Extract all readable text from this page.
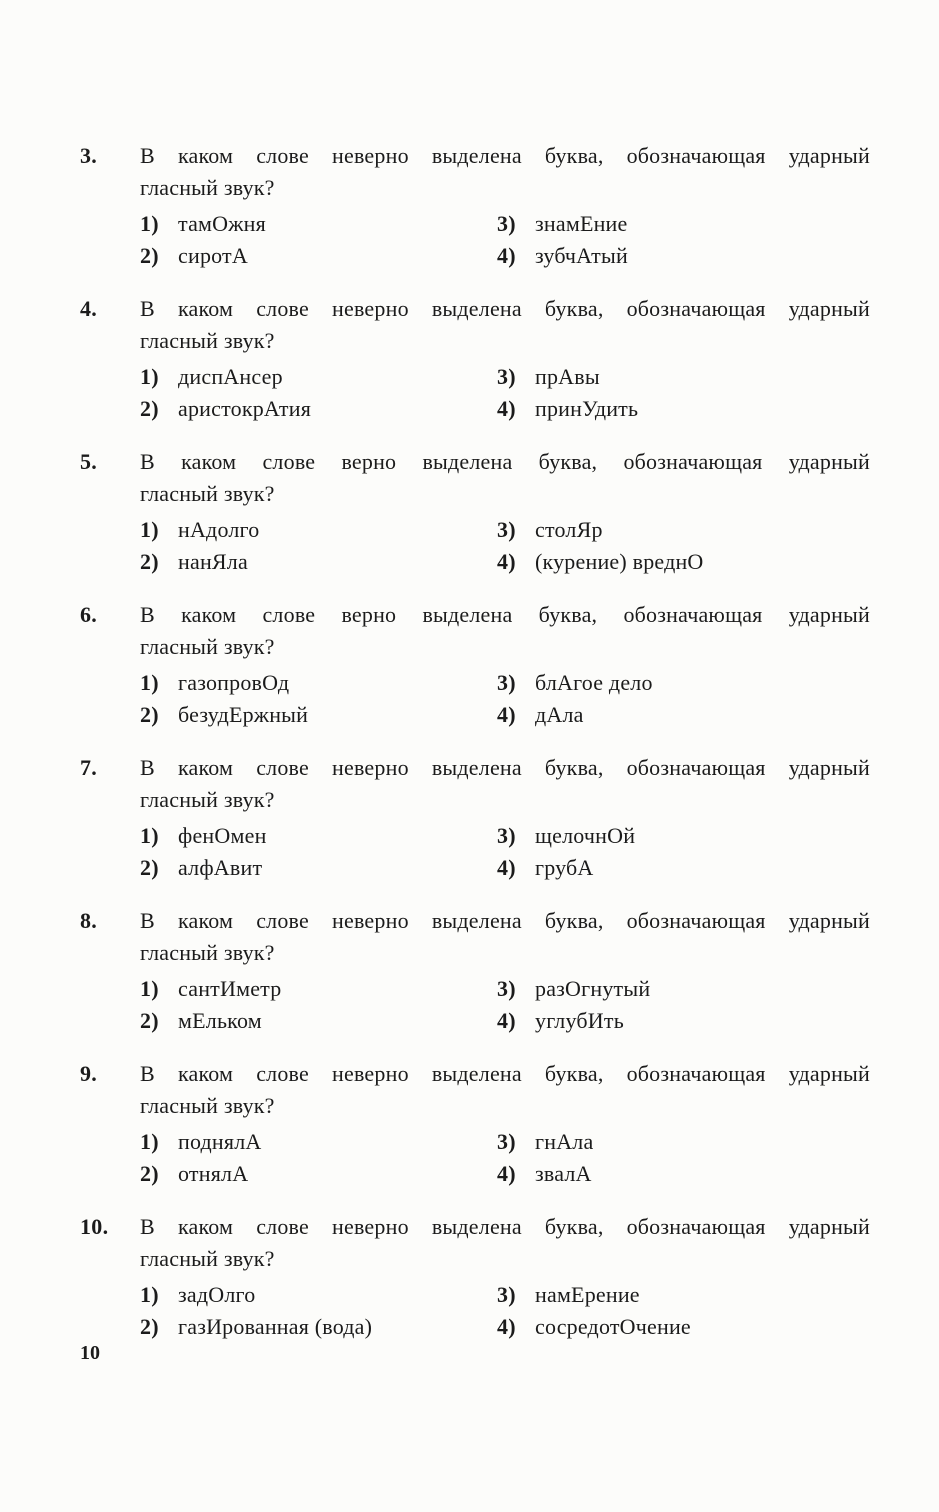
3.	В каком слове неверно выделена буква, обозначающая ударный
гласный звук?
1) тамОжня
2) сиротА
3) знамЕние
4) зубчАтый
4.	В каком слове неверно выделена буква, обозначающая ударный
гласный звук?
1) диспАнсер
2) аристокрАтия
3) прАвы
4) принУдить
5.	В каком слове верно выделена буква, обозначающая ударный
гласный звук?
1) нАдолго
2) нанЯла
3) столЯр
4) (курение) вреднО
6.	В каком слове верно выделена буква, обозначающая ударный
гласный звук?
1) газопровОд
2) безудЕржный
3) блАгое дело
4) дАла
7.	В каком слове неверно выделена буква, обозначающая ударный
гласный звук?
1) фенОмен
2) алфАвит
3) щелочнОй
4) грубА
8.	В каком слове неверно выделена буква, обозначающая ударный
гласный звук?
1) сантИметр
2) мЕльком
3) разОгнутый
4) углубИть
9.	В каком слове неверно выделена буква, обозначающая ударный
гласный звук?
1) поднялА
2) отнялА
3) гнАла
4) звалА
10.	В каком слове неверно выделена буква, обозначающая ударный
гласный звук?
1) задОлго
2) газИрованная (вода)
3) намЕрение
4) сосредотОчение
10
